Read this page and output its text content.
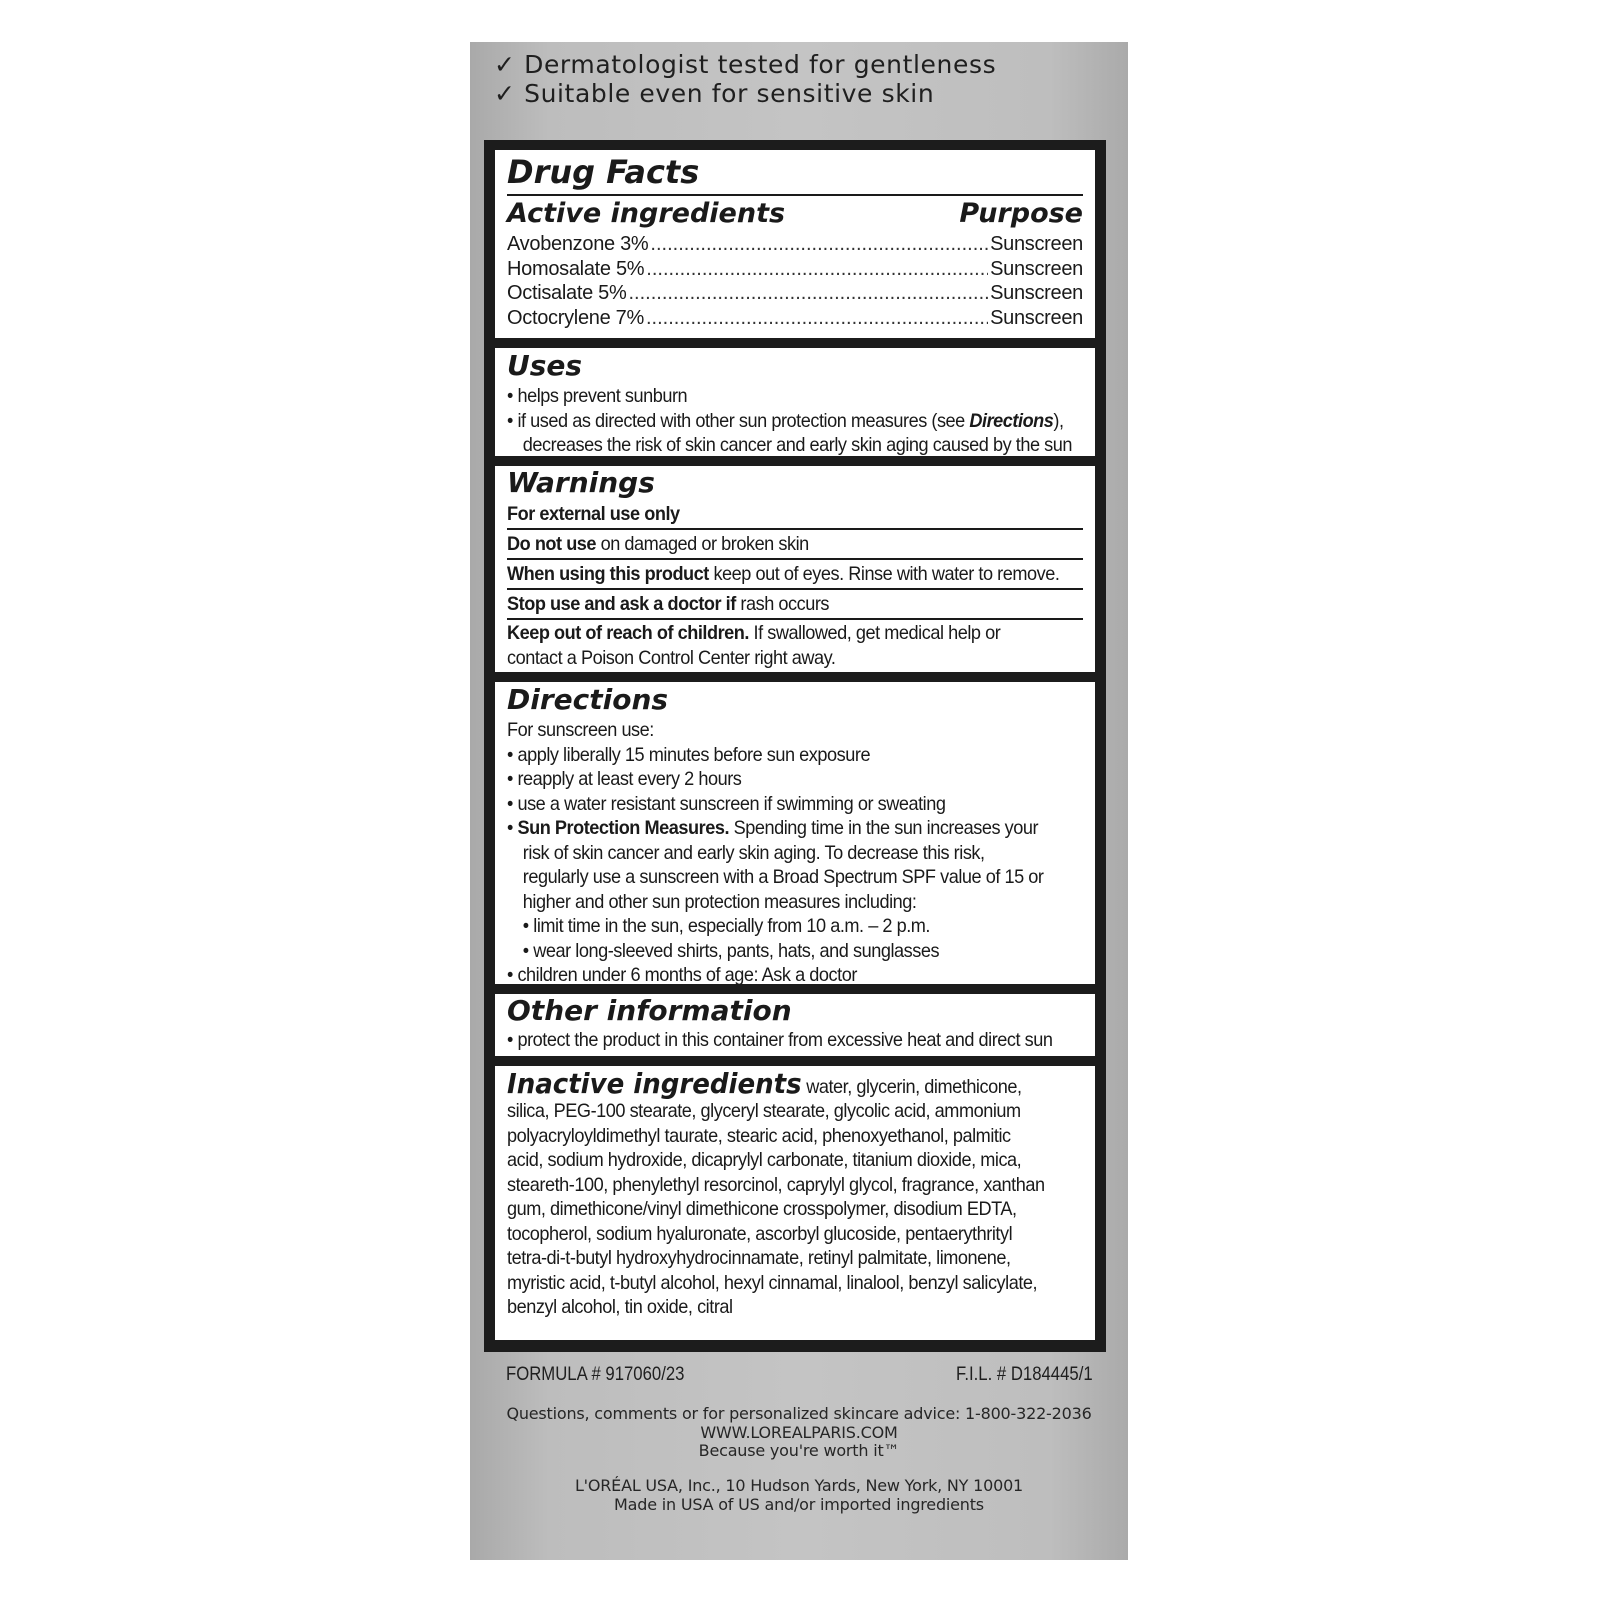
✓ Dermatologist tested for gentleness
✓ Suitable even for sensitive skin
Drug Facts
Active ingredients	Purpose
Avobenzone 3% .....	Sunscreen
Homosalate 5% .....	Sunscreen
Octisalate 5% .....	Sunscreen
Octocrylene 7% .....	Sunscreen
Uses
• helps prevent sunburn
• if used as directed with other sun protection measures (see Directions),
decreases the risk of skin cancer and early skin aging caused by the sun
Warnings
For external use only
Do not use on damaged or broken skin
When using this product keep out of eyes. Rinse with water to remove.
Stop use and ask a doctor if rash occurs
Keep out of reach of children. If swallowed, get medical help or
contact a Poison Control Center right away.
Directions
For sunscreen use:
• apply liberally 15 minutes before sun exposure
• reapply at least every 2 hours
• use a water resistant sunscreen if swimming or sweating
• Sun Protection Measures. Spending time in the sun increases your
risk of skin cancer and early skin aging. To decrease this risk,
regularly use a sunscreen with a Broad Spectrum SPF value of 15 or
higher and other sun protection measures including:
• limit time in the sun, especially from 10 a.m. – 2 p.m.
• wear long-sleeved shirts, pants, hats, and sunglasses
• children under 6 months of age: Ask a doctor
Other information
• protect the product in this container from excessive heat and direct sun
Inactive ingredients water, glycerin, dimethicone,
silica, PEG-100 stearate, glyceryl stearate, glycolic acid, ammonium
polyacryloyldimethyl taurate, stearic acid, phenoxyethanol, palmitic
acid, sodium hydroxide, dicaprylyl carbonate, titanium dioxide, mica,
steareth-100, phenylethyl resorcinol, caprylyl glycol, fragrance, xanthan
gum, dimethicone/vinyl dimethicone crosspolymer, disodium EDTA,
tocopherol, sodium hyaluronate, ascorbyl glucoside, pentaerythrityl
tetra-di-t-butyl hydroxyhydrocinnamate, retinyl palmitate, limonene,
myristic acid, t-butyl alcohol, hexyl cinnamal, linalool, benzyl salicylate,
benzyl alcohol, tin oxide, citral
FORMULA # 917060/23	F.I.L. # D184445/1
Questions, comments or for personalized skincare advice: 1-800-322-2036
WWW.LOREALPARIS.COM
Because you're worth it™
L'ORÉAL USA, Inc., 10 Hudson Yards, New York, NY 10001
Made in USA of US and/or imported ingredients
